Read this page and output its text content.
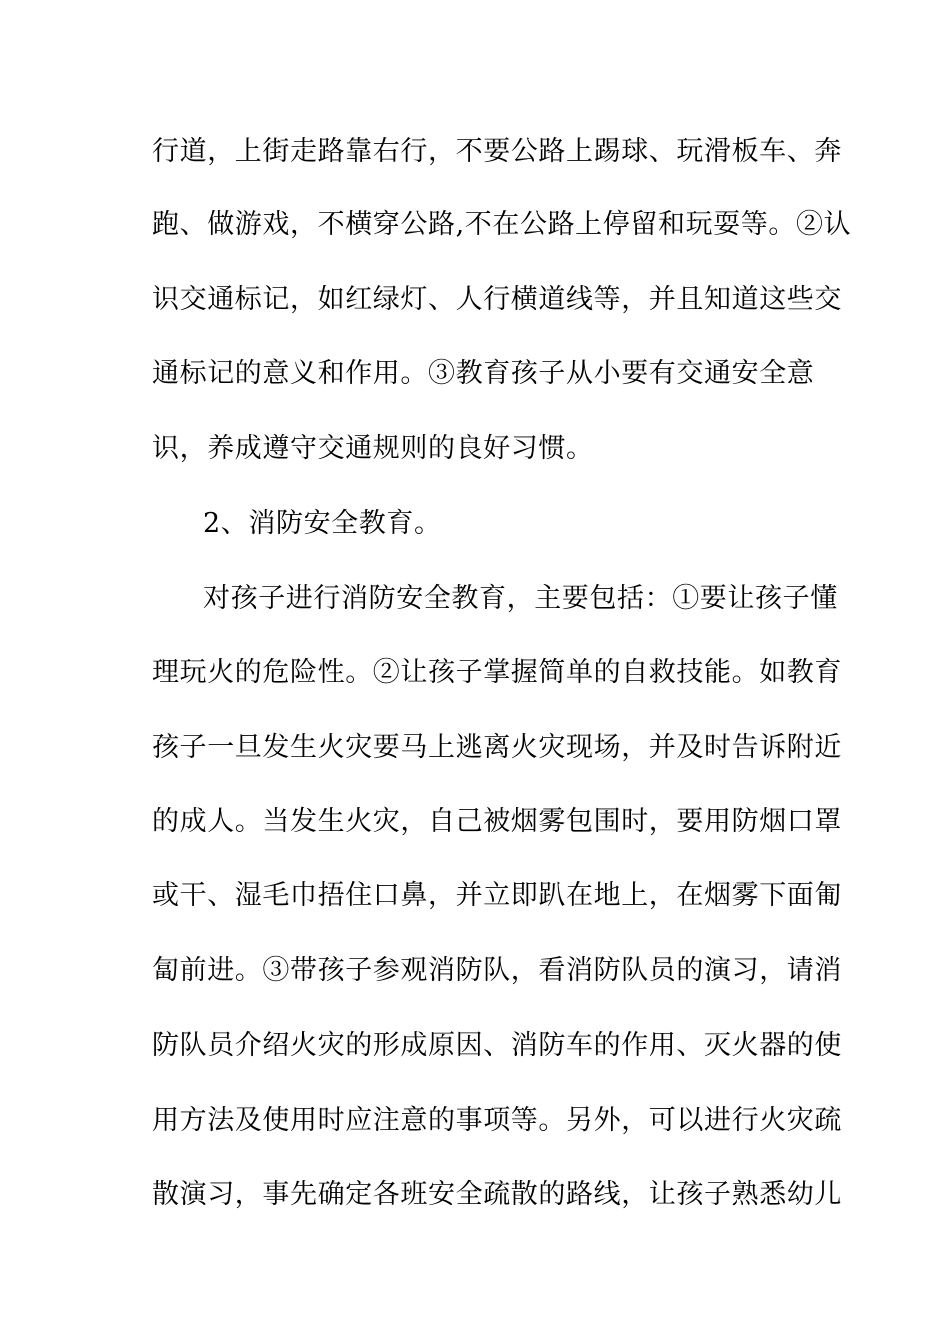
行道，上街走路靠右行，不要公路上踢球、玩滑板车、奔
跑、做游戏，不横穿公路,不在公路上停留和玩耍等。②认
识交通标记，如红绿灯、人行横道线等，并且知道这些交
通标记的意义和作用。③教育孩子从小要有交通安全意
识，养成遵守交通规则的良好习惯。
2、消防安全教育。
对孩子进行消防安全教育，主要包括：①要让孩子懂
理玩火的危险性。②让孩子掌握简单的自救技能。如教育
孩子一旦发生火灾要马上逃离火灾现场，并及时告诉附近
的成人。当发生火灾，自己被烟雾包围时，要用防烟口罩
或干、湿毛巾捂住口鼻，并立即趴在地上，在烟雾下面匍
匐前进。③带孩子参观消防队，看消防队员的演习，请消
防队员介绍火灾的形成原因、消防车的作用、灭火器的使
用方法及使用时应注意的事项等。另外，可以进行火灾疏
散演习，事先确定各班安全疏散的路线，让孩子熟悉幼儿
